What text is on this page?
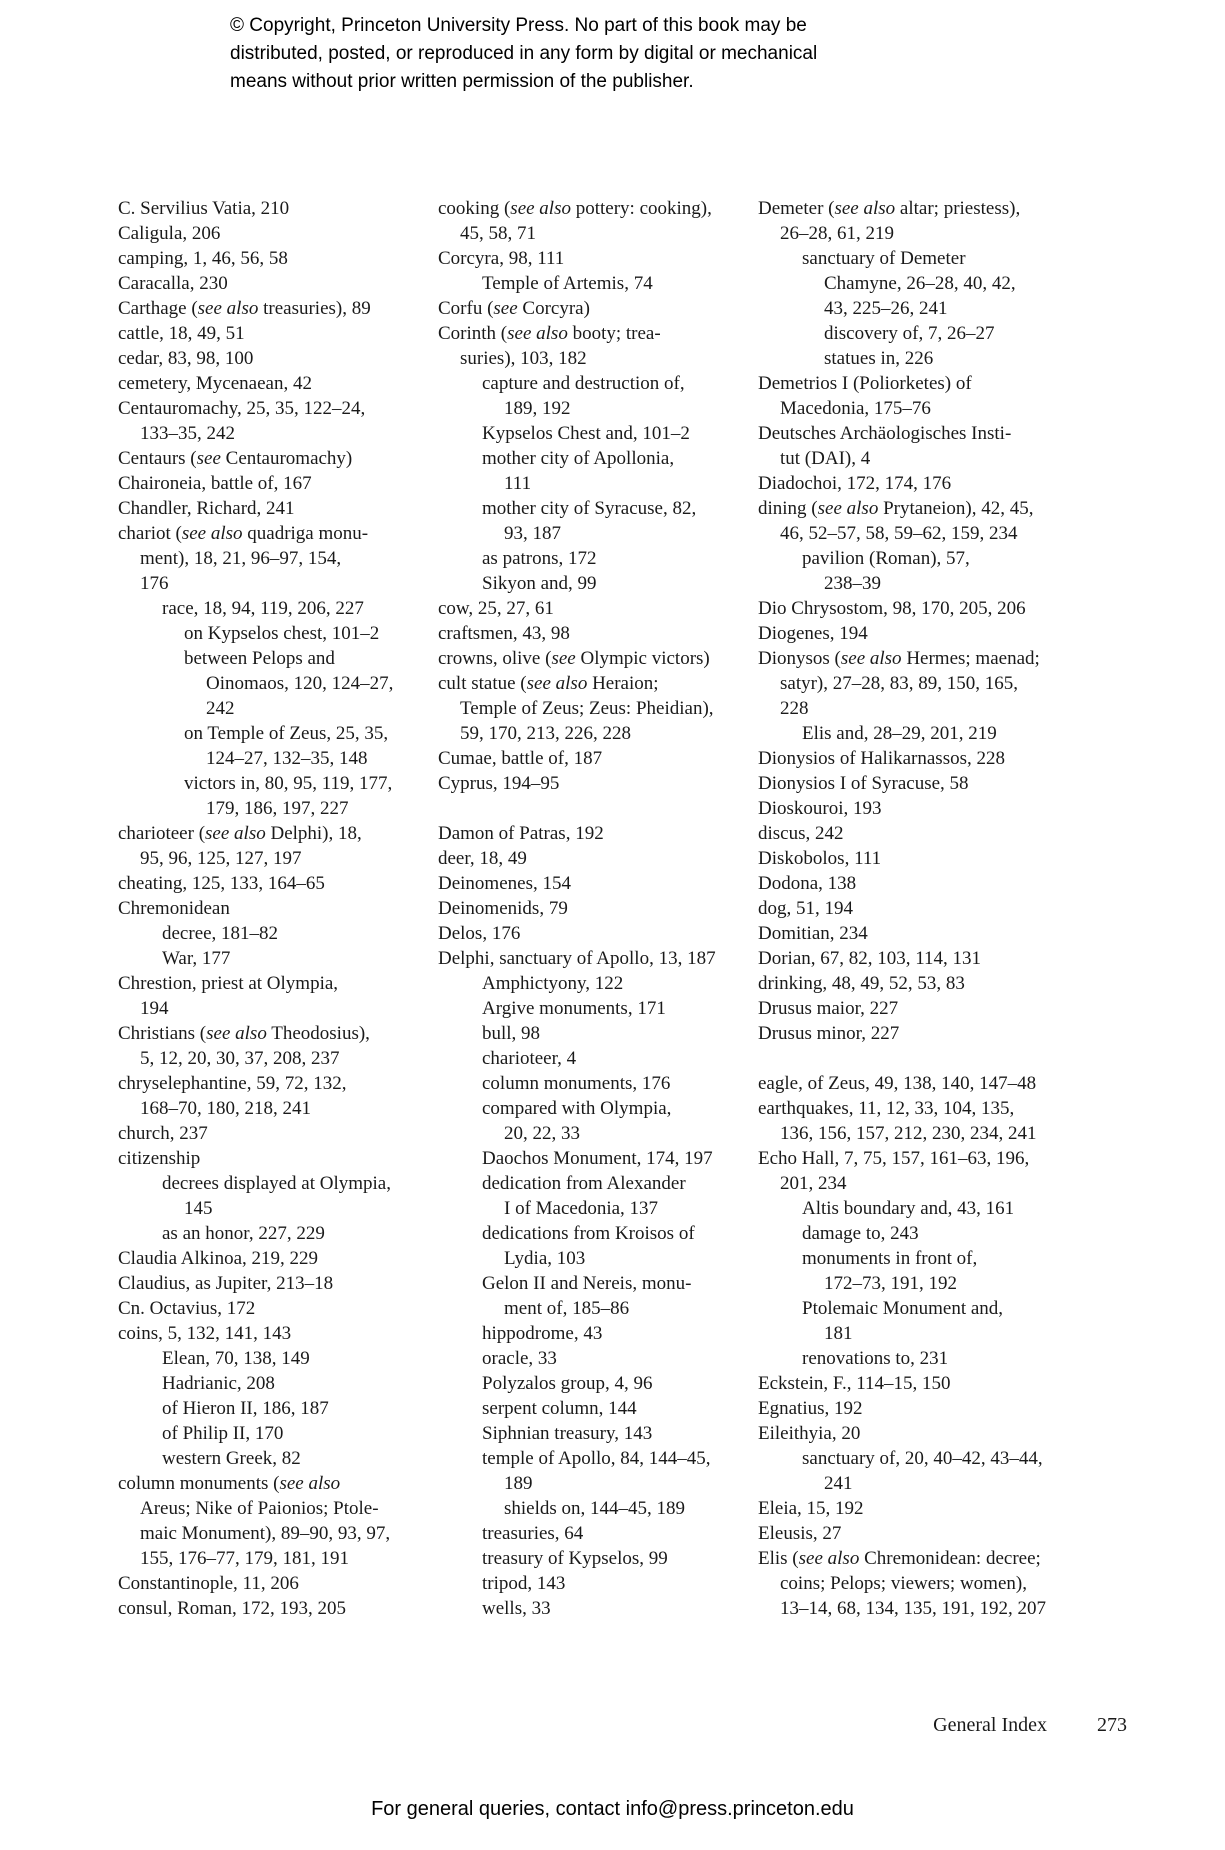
© Copyright, Princeton University Press. No part of this book may be
distributed, posted, or reproduced in any form by digital or mechanical
means without prior written permission of the publisher.
C. Servilius Vatia, 210
Caligula, 206
camping, 1, 46, 56, 58
Caracalla, 230
Carthage (see also treasuries), 89
cattle, 18, 49, 51
cedar, 83, 98, 100
cemetery, Mycenaean, 42
Centauromachy, 25, 35, 122–24,
133–35, 242
Centaurs (see Centauromachy)
Chaironeia, battle of, 167
Chandler, Richard, 241
chariot (see also quadriga monu-
ment), 18, 21, 96–97, 154,
176
race, 18, 94, 119, 206, 227
on Kypselos chest, 101–2
between Pelops and
Oinomaos, 120, 124–27,
242
on Temple of Zeus, 25, 35,
124–27, 132–35, 148
victors in, 80, 95, 119, 177,
179, 186, 197, 227
charioteer (see also Delphi), 18,
95, 96, 125, 127, 197
cheating, 125, 133, 164–65
Chremonidean
decree, 181–82
War, 177
Chrestion, priest at Olympia,
194
Christians (see also Theodosius),
5, 12, 20, 30, 37, 208, 237
chryselephantine, 59, 72, 132,
168–70, 180, 218, 241
church, 237
citizenship
decrees displayed at Olympia,
145
as an honor, 227, 229
Claudia Alkinoa, 219, 229
Claudius, as Jupiter, 213–18
Cn. Octavius, 172
coins, 5, 132, 141, 143
Elean, 70, 138, 149
Hadrianic, 208
of Hieron II, 186, 187
of Philip II, 170
western Greek, 82
column monuments (see also
Areus; Nike of Paionios; Ptole-
maic Monument), 89–90, 93, 97,
155, 176–77, 179, 181, 191
Constantinople, 11, 206
consul, Roman, 172, 193, 205
cooking (see also pottery: cooking),
45, 58, 71
Corcyra, 98, 111
Temple of Artemis, 74
Corfu (see Corcyra)
Corinth (see also booty; trea-
suries), 103, 182
capture and destruction of,
189, 192
Kypselos Chest and, 101–2
mother city of Apollonia,
111
mother city of Syracuse, 82,
93, 187
as patrons, 172
Sikyon and, 99
cow, 25, 27, 61
craftsmen, 43, 98
crowns, olive (see Olympic victors)
cult statue (see also Heraion;
Temple of Zeus; Zeus: Pheidian),
59, 170, 213, 226, 228
Cumae, battle of, 187
Cyprus, 194–95

Damon of Patras, 192
deer, 18, 49
Deinomenes, 154
Deinomenids, 79
Delos, 176
Delphi, sanctuary of Apollo, 13, 187
Amphictyony, 122
Argive monuments, 171
bull, 98
charioteer, 4
column monuments, 176
compared with Olympia,
20, 22, 33
Daochos Monument, 174, 197
dedication from Alexander
I of Macedonia, 137
dedications from Kroisos of
Lydia, 103
Gelon II and Nereis, monu-
ment of, 185–86
hippodrome, 43
oracle, 33
Polyzalos group, 4, 96
serpent column, 144
Siphnian treasury, 143
temple of Apollo, 84, 144–45,
189
shields on, 144–45, 189
treasuries, 64
treasury of Kypselos, 99
tripod, 143
wells, 33
Demeter (see also altar; priestess),
26–28, 61, 219
sanctuary of Demeter
Chamyne, 26–28, 40, 42,
43, 225–26, 241
discovery of, 7, 26–27
statues in, 226
Demetrios I (Poliorketes) of
Macedonia, 175–76
Deutsches Archäologisches Insti-
tut (DAI), 4
Diadochoi, 172, 174, 176
dining (see also Prytaneion), 42, 45,
46, 52–57, 58, 59–62, 159, 234
pavilion (Roman), 57,
238–39
Dio Chrysostom, 98, 170, 205, 206
Diogenes, 194
Dionysos (see also Hermes; maenad;
satyr), 27–28, 83, 89, 150, 165,
228
Elis and, 28–29, 201, 219
Dionysios of Halikarnassos, 228
Dionysios I of Syracuse, 58
Dioskouroi, 193
discus, 242
Diskobolos, 111
Dodona, 138
dog, 51, 194
Domitian, 234
Dorian, 67, 82, 103, 114, 131
drinking, 48, 49, 52, 53, 83
Drusus maior, 227
Drusus minor, 227

eagle, of Zeus, 49, 138, 140, 147–48
earthquakes, 11, 12, 33, 104, 135,
136, 156, 157, 212, 230, 234, 241
Echo Hall, 7, 75, 157, 161–63, 196,
201, 234
Altis boundary and, 43, 161
damage to, 243
monuments in front of,
172–73, 191, 192
Ptolemaic Monument and,
181
renovations to, 231
Eckstein, F., 114–15, 150
Egnatius, 192
Eileithyia, 20
sanctuary of, 20, 40–42, 43–44,
241
Eleia, 15, 192
Eleusis, 27
Elis (see also Chremonidean: decree;
coins; Pelops; viewers; women),
13–14, 68, 134, 135, 191, 192, 207
General Index	273
For general queries, contact info@press.princeton.edu
